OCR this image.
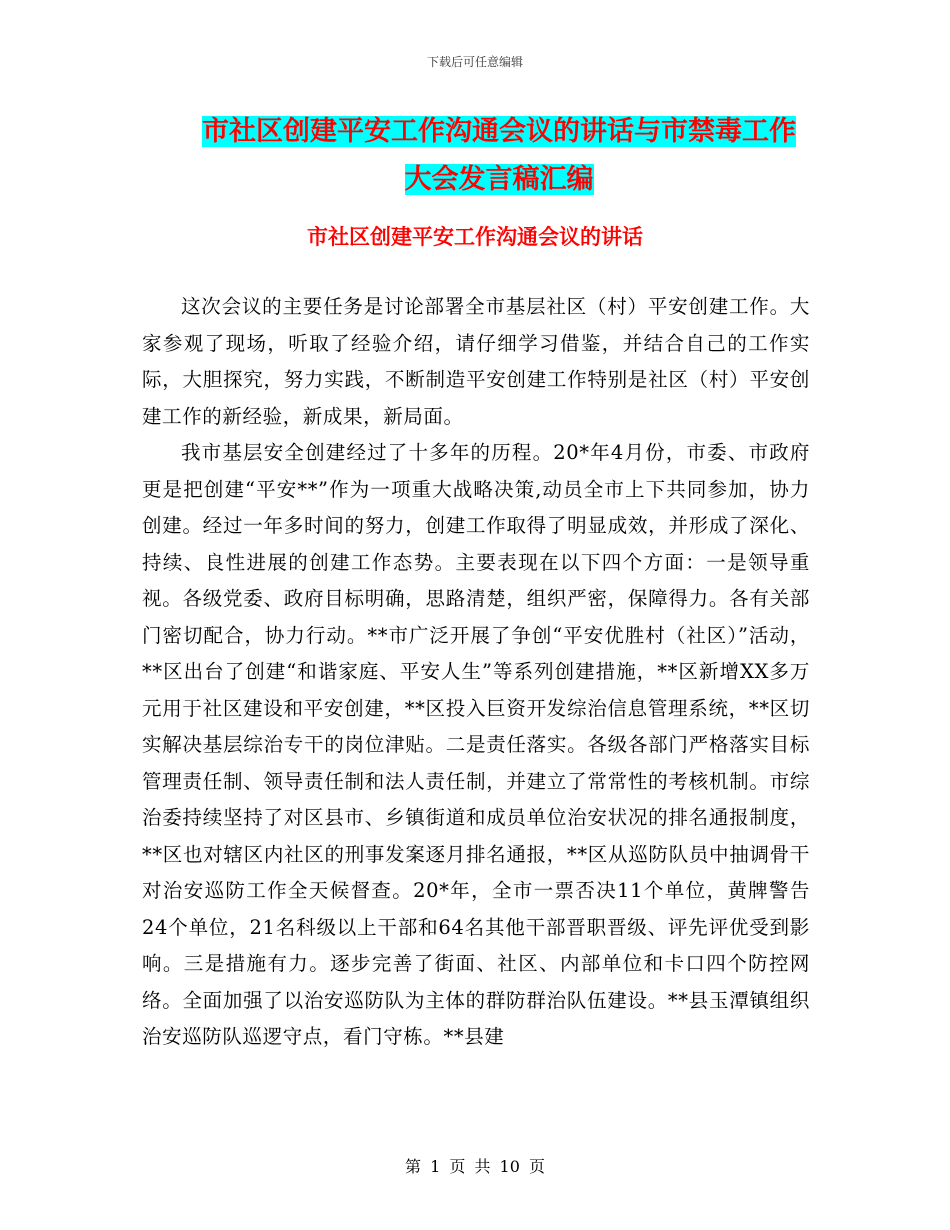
下载后可任意编辑
市社区创建平安工作沟通会议的讲话与市禁毒工作大会发言稿汇编
市社区创建平安工作沟通会议的讲话

这次会议的主要任务是讨论部署全市基层社区（村）平安创建工作。大家参观了现场，听取了经验介绍，请仔细学习借鉴，并结合自己的工作实际，大胆探究，努力实践，不断制造平安创建工作特别是社区（村）平安创建工作的新经验，新成果，新局面。

我市基层安全创建经过了十多年的历程。20*年4月份，市委、市政府更是把创建“平安**”作为一项重大战略决策,动员全市上下共同参加，协力创建。经过一年多时间的努力，创建工作取得了明显成效，并形成了深化、持续、良性进展的创建工作态势。主要表现在以下四个方面：一是领导重视。各级党委、政府目标明确，思路清楚，组织严密，保障得力。各有关部门密切配合，协力行动。**市广泛开展了争创“平安优胜村（社区）”活动，**区出台了创建“和谐家庭、平安人生”等系列创建措施，**区新增XX多万元用于社区建设和平安创建，**区投入巨资开发综治信息管理系统，**区切实解决基层综治专干的岗位津贴。二是责任落实。各级各部门严格落实目标管理责任制、领导责任制和法人责任制，并建立了常常性的考核机制。市综治委持续坚持了对区县市、乡镇街道和成员单位治安状况的排名通报制度，**区也对辖区内社区的刑事发案逐月排名通报，**区从巡防队员中抽调骨干对治安巡防工作全天候督查。20*年，全市一票否决11个单位，黄牌警告24个单位，21名科级以上干部和64名其他干部晋职晋级、评先评优受到影响。三是措施有力。逐步完善了街面、社区、内部单位和卡口四个防控网络。全面加强了以治安巡防队为主体的群防群治队伍建设。**县玉潭镇组织治安巡防队巡逻守点，看门守栋。**县建

第 1 页 共 10 页
